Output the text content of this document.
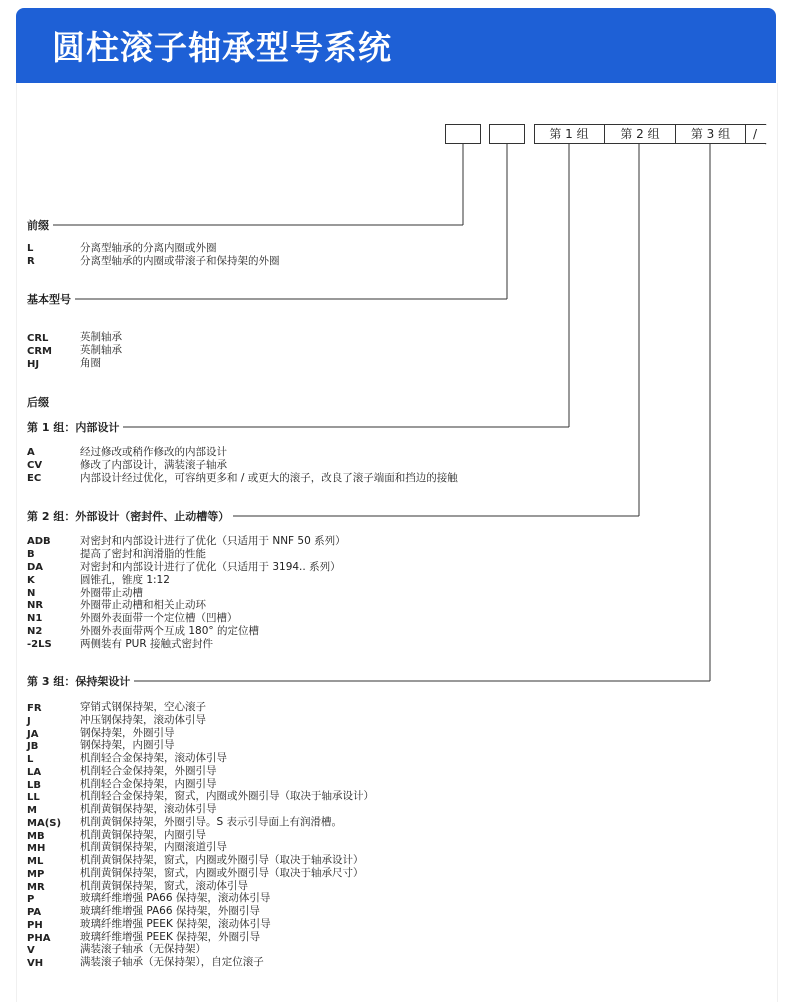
圆柱滚子轴承型号系统
第 1 组	第 2 组	第 3 组	/
前缀
基本型号
后缀
第 1 组：内部设计
第 2 组：外部设计（密封件、止动槽等）
第 3 组：保持架设计
L	分离型轴承的分离内圈或外圈
R	分离型轴承的内圈或带滚子和保持架的外圈
CRL	英制轴承
CRM	英制轴承
HJ	角圈
A	经过修改或稍作修改的内部设计
CV	修改了内部设计，满装滚子轴承
EC	内部设计经过优化，可容纳更多和 / 或更大的滚子，改良了滚子端面和挡边的接触
ADB	对密封和内部设计进行了优化（只适用于 NNF 50 系列）
B	提高了密封和润滑脂的性能
DA	对密封和内部设计进行了优化（只适用于 3194.. 系列）
K	圆锥孔，锥度 1:12
N	外圈带止动槽
NR	外圈带止动槽和相关止动环
N1	外圈外表面带一个定位槽（凹槽）
N2	外圈外表面带两个互成 180° 的定位槽
-2LS	两侧装有 PUR 接触式密封件
FR	穿销式钢保持架，空心滚子
J	冲压钢保持架，滚动体引导
JA	钢保持架，外圈引导
JB	钢保持架，内圈引导
L	机削轻合金保持架，滚动体引导
LA	机削轻合金保持架，外圈引导
LB	机削轻合金保持架，内圈引导
LL	机削轻合金保持架，窗式，内圈或外圈引导（取决于轴承设计）
M	机削黄铜保持架，滚动体引导
MA(S) 机削黄铜保持架，外圈引导。S 表示引导面上有润滑槽。
MB	机削黄铜保持架，内圈引导
MH	机削黄铜保持架，内圈滚道引导
ML	机削黄铜保持架，窗式，内圈或外圈引导（取决于轴承设计）
MP	机削黄铜保持架，窗式，内圈或外圈引导（取决于轴承尺寸）
MR	机削黄铜保持架，窗式，滚动体引导
P	玻璃纤维增强 PA66 保持架，滚动体引导
PA	玻璃纤维增强 PA66 保持架，外圈引导
PH	玻璃纤维增强 PEEK 保持架，滚动体引导
PHA	玻璃纤维增强 PEEK 保持架，外圈引导
V	满装滚子轴承（无保持架）
VH	满装滚子轴承（无保持架），自定位滚子
